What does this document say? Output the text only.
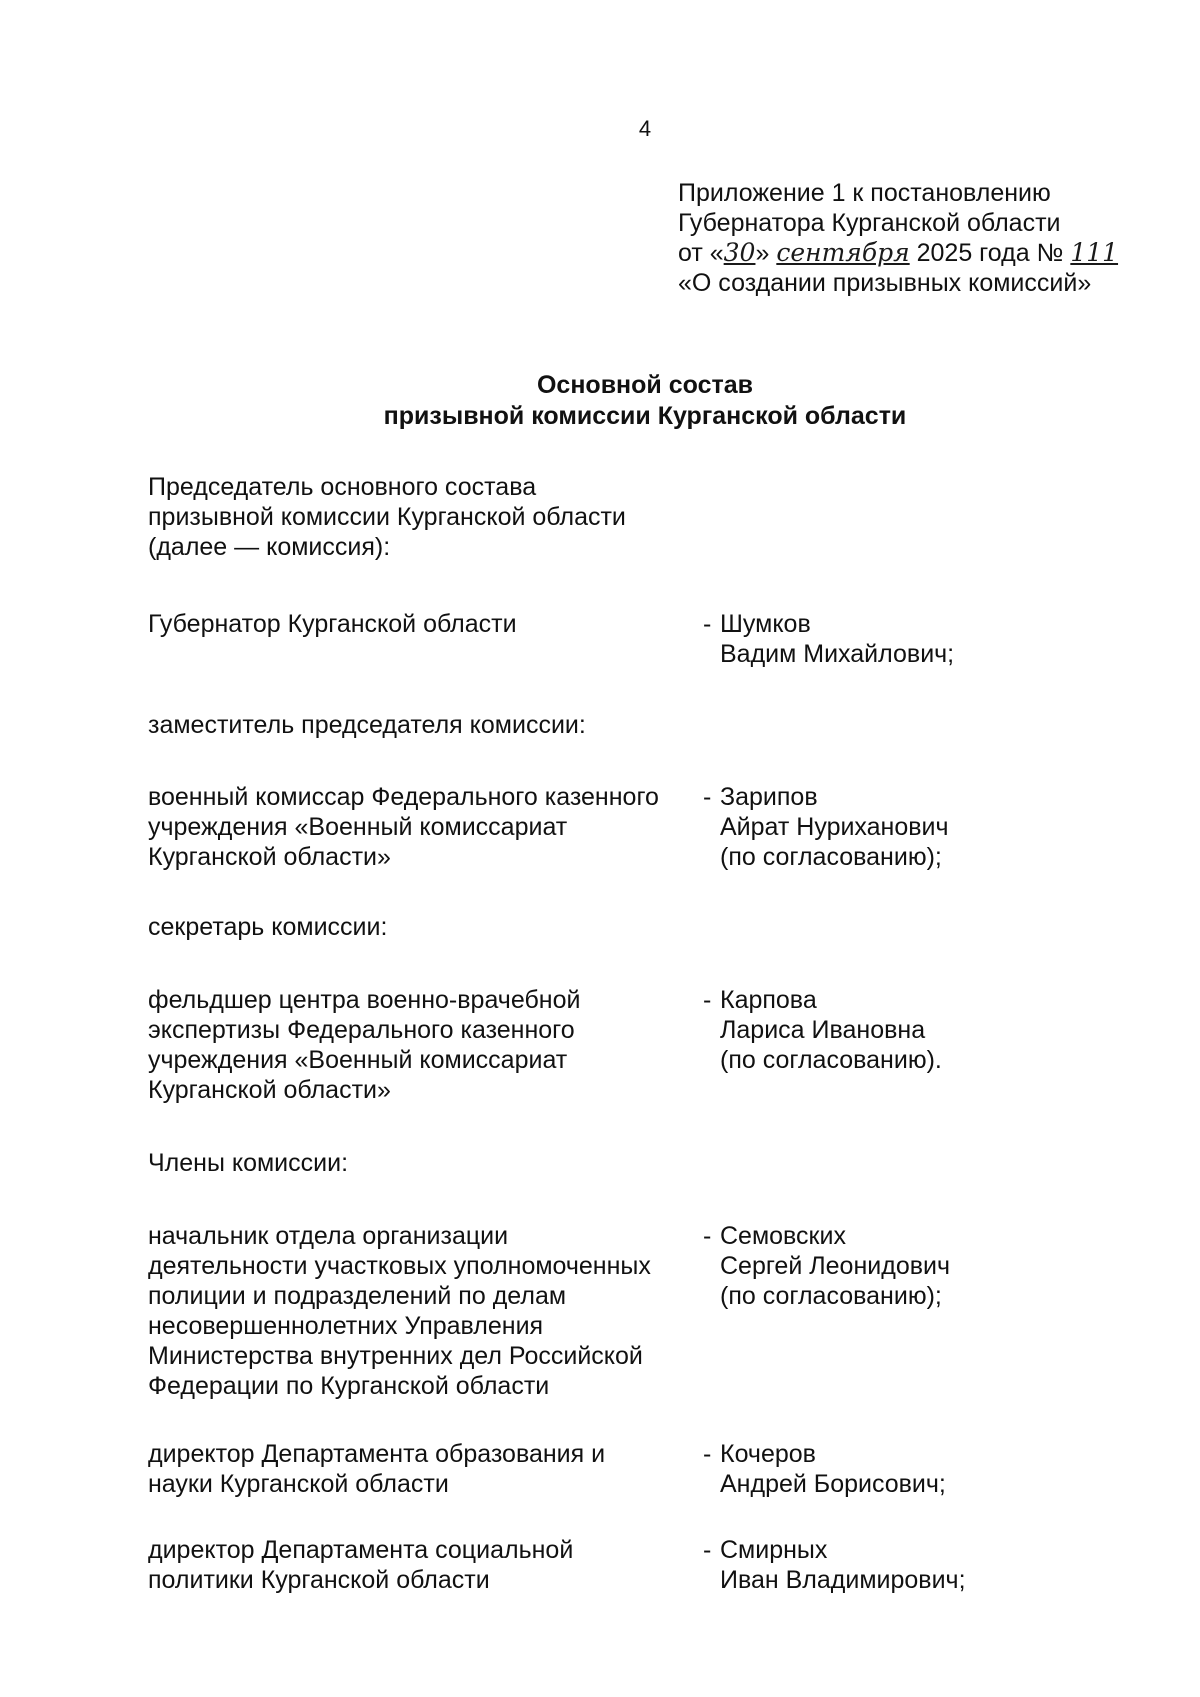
4
Приложение 1 к постановлению
Губернатора Курганской области
от «30» сентября 2025 года № 111
«О создании призывных комиссий»
Основной состав
призывной комиссии Курганской области
Председатель основного состава
призывной комиссии Курганской области
(далее — комиссия):
Губернатор Курганской области	- Шумков
Вадим Михайлович;
заместитель председателя комиссии:
военный комиссар Федерального казенного
учреждения «Военный комиссариат
Курганской области»
- Зарипов
Айрат Нуриханович
(по согласованию);
секретарь комиссии:
фельдшер центра военно-врачебной
экспертизы Федерального казенного
учреждения «Военный комиссариат
Курганской области»
- Карпова
Лариса Ивановна
(по согласованию).
Члены комиссии:
начальник отдела организации
деятельности участковых уполномоченных
полиции и подразделений по делам
несовершеннолетних Управления
Министерства внутренних дел Российской
Федерации по Курганской области
- Семовских
Сергей Леонидович
(по согласованию);
директор Департамента образования и
науки Курганской области
- Кочеров
Андрей Борисович;
директор Департамента социальной
политики Курганской области
- Смирных
Иван Владимирович;
